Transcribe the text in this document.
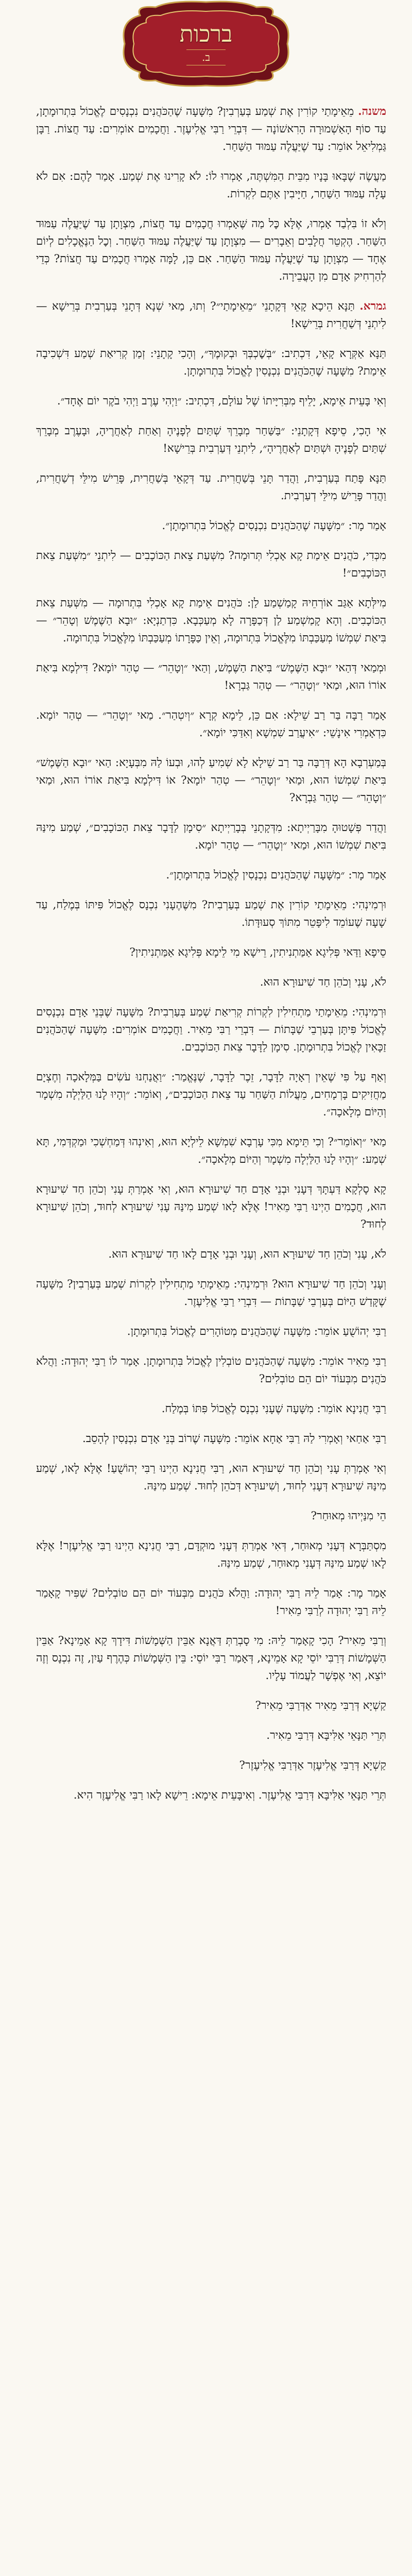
ברכות
ב.

משנה. מֵאֵימָתַי קוֹרִין אֶת שְׁמַע בְּעַרְבִין? מִשָּׁעָה שֶׁהַכֹּהֲנִים נִכְנָסִים לֶאֱכוֹל בִּתְרוּמָתָן, עַד סוֹף הָאַשְׁמוּרָה הָרִאשׁוֹנָה — דִּבְרֵי רַבִּי אֱלִיעֶזֶר. וַחֲכָמִים אוֹמְרִים: עַד חֲצוֹת. רַבָּן גַּמְלִיאֵל אוֹמֵר: עַד שֶׁיַּעֲלֶה עַמּוּד הַשַּׁחַר.

מַעֲשֶׂה שֶׁבָּאוּ בָּנָיו מִבֵּית הַמִּשְׁתֶּה, אָמְרוּ לוֹ: לֹא קָרִינוּ אֶת שְׁמַע. אָמַר לָהֶם: אִם לֹא עָלָה עַמּוּד הַשַּׁחַר, חַיָּיבִין אַתֶּם לִקְרוֹת.

וְלֹא זוֹ בִּלְבַד אָמְרוּ, אֶלָּא כׇּל מַה שֶּׁאָמְרוּ חֲכָמִים עַד חֲצוֹת, מִצְוָתָן עַד שֶׁיַּעֲלֶה עַמּוּד הַשַּׁחַר. הֶקְטֵר חֲלָבִים וְאֵבָרִים — מִצְוָתָן עַד שֶׁיַּעֲלֶה עַמּוּד הַשַּׁחַר. וְכׇל הַנֶּאֱכָלִים לְיוֹם אֶחָד — מִצְוָתָן עַד שֶׁיַּעֲלֶה עַמּוּד הַשַּׁחַר. אִם כֵּן, לָמָּה אָמְרוּ חֲכָמִים עַד חֲצוֹת? כְּדֵי לְהַרְחִיק אָדָם מִן הָעֲבֵירָה.

גמרא. תַּנָּא הֵיכָא קָאֵי דְּקָתָנֵי ״מֵאֵימָתַי״? וְתוּ, מַאי שְׁנָא דְּתָנֵי בְּעַרְבִית בְּרֵישָׁא — לִיתְנֵי דְּשַׁחֲרִית בְּרֵישָׁא!

תַּנָּא אַקְּרָא קָאֵי, דִּכְתִיב: ״בְּשׇׁכְבְּךָ וּבְקוּמֶךָ״, וְהָכִי קָתָנֵי: זְמַן קְרִיאַת שְׁמַע דִּשְׁכִיבָה אֵימַת? מִשָּׁעָה שֶׁהַכֹּהֲנִים נִכְנָסִין לֶאֱכוֹל בִּתְרוּמָתָן.

וְאִי בָּעֵית אֵימָא, יָלֵיף מִבְּרִיָּיתוֹ שֶׁל עוֹלָם, דִּכְתִיב: ״וַיְהִי עֶרֶב וַיְהִי בֹקֶר יוֹם אֶחָד״.

אִי הָכִי, סֵיפָא דְּקָתָנֵי: ״בַּשַּׁחַר מְבָרֵךְ שְׁתַּיִם לְפָנֶיהָ וְאַחַת לְאַחֲרֶיהָ, וּבָעֶרֶב מְבָרֵךְ שְׁתַּיִם לְפָנֶיהָ וּשְׁתַּיִם לְאַחֲרֶיהָ״, לִיתְנֵי דְּעַרְבִית בְּרֵישָׁא!

תַּנָּא פָּתַח בְּעַרְבִית, וַהֲדַר תָּנֵי בְּשַׁחֲרִית. עַד דְּקָאֵי בְּשַׁחֲרִית, פָּרֵישׁ מִילֵּי דְשַׁחֲרִית, וַהֲדַר פָּרֵישׁ מִילֵּי דְעַרְבִית.

אָמַר מָר: ״מִשָּׁעָה שֶׁהַכֹּהֲנִים נִכְנָסִים לֶאֱכוֹל בִּתְרוּמָתָן״.

מִכְּדִי, כֹּהֲנִים אֵימַת קָא אָכְלִי תְּרוּמָה? מִשְּׁעַת צֵאת הַכּוֹכָבִים — לִיתְנֵי ״מִשְּׁעַת צֵאת הַכּוֹכָבִים״!

מִילְּתָא אַגַּב אוֹרְחֵיהּ קָמַשְׁמַע לַן: כֹּהֲנִים אֵימַת קָא אָכְלִי בִּתְרוּמָה — מִשְּׁעַת צֵאת הַכּוֹכָבִים. וְהָא קָמַשְׁמַע לַן דְּכַפָּרָה לָא מְעַכְּבָא. כִּדְתַנְיָא: ״וּבָא הַשֶּׁמֶשׁ וְטָהֵר״ — בִּיאַת שִׁמְשׁוֹ מְעַכַּבְתּוֹ מִלֶּאֱכוֹל בִּתְרוּמָה, וְאֵין כַּפָּרָתוֹ מְעַכַּבְתּוֹ מִלֶּאֱכוֹל בִּתְרוּמָה.

וּמְמַאי דְּהַאי ״וּבָא הַשֶּׁמֶשׁ״ בִּיאַת הַשֶּׁמֶשׁ, וְהַאי ״וְטָהֵר״ — טְהַר יוֹמָא? דִּילְמָא בִּיאַת אוֹרוֹ הוּא, וּמַאי ״וְטָהֵר״ — טְהַר גַּבְרָא!

אָמַר רַבָּה בַּר רַב שֵׁילָא: אִם כֵּן, לֵימָא קְרָא ״וְיִטְהַר״. מַאי ״וְטָהֵר״ — טְהַר יוֹמָא. כִּדְאָמְרִי אִינָשֵׁי: ״אִיעֲרַב שִׁמְשָׁא וְאִדַּכִּי יוֹמָא״.

בְּמַעְרְבָא הָא דְּרַבָּה בַּר רַב שֵׁילָא לָא שְׁמִיעַ לְהוּ, וּבְעוֹ לַהּ מִבְּעָיָא: הַאי ״וּבָא הַשֶּׁמֶשׁ״ בִּיאַת שִׁמְשׁוֹ הוּא, וּמַאי ״וְטָהֵר״ — טְהַר יוֹמָא? אוֹ דִּילְמָא בִּיאַת אוֹרוֹ הוּא, וּמַאי ״וְטָהֵר״ — טְהַר גַּבְרָא?

וַהֲדַר פְּשָׁטוּהָ מִבָּרַיְיתָא: מִדְּקָתָנֵי בְּבָרַיְיתָא ״סִימָן לַדָּבָר צֵאת הַכּוֹכָבִים״, שְׁמַע מִינַּהּ בִּיאַת שִׁמְשׁוֹ הוּא, וּמַאי ״וְטָהֵר״ — טְהַר יוֹמָא.

אָמַר מָר: ״מִשָּׁעָה שֶׁהַכֹּהֲנִים נִכְנָסִין לֶאֱכוֹל בִּתְרוּמָתָן״.

וּרְמִינְהִי: מֵאֵימָתַי קוֹרִין אֶת שְׁמַע בְּעַרְבִית? מִשֶּׁהֶעָנִי נִכְנָס לֶאֱכוֹל פִּיתּוֹ בְּמֶלַח, עַד שָׁעָה שֶׁעוֹמֵד לִיפָּטֵר מִתּוֹךְ סְעוּדָּתוֹ.

סֵיפָא וַדַּאי פְּלִיגָא אַמַּתְנִיתִין, רֵישָׁא מִי לֵימָא פְּלִיגָא אַמַּתְנִיתִין?

לֹא, עָנִי וְכֹהֵן חַד שִׁיעוּרָא הוּא.

וּרְמִינְהִי: מֵאֵימָתַי מַתְחִילִין לִקְרוֹת קְרִיאַת שְׁמַע בְּעַרְבִית? מִשָּׁעָה שֶׁבְּנֵי אָדָם נִכְנָסִים לֶאֱכוֹל פִּיתָּן בְּעַרְבֵי שַׁבָּתוֹת — דִּבְרֵי רַבִּי מֵאִיר. וַחֲכָמִים אוֹמְרִים: מִשָּׁעָה שֶׁהַכֹּהֲנִים זַכָּאִין לֶאֱכוֹל בִּתְרוּמָתָן. סִימָן לַדָּבָר צֵאת הַכּוֹכָבִים.

וְאַף עַל פִּי שֶׁאֵין רְאָיָה לַדָּבָר, זֵכֶר לַדָּבָר, שֶׁנֶּאֱמַר: ״וַאֲנַחְנוּ עֹשִׂים בַּמְּלָאכָה וְחֶצְיָם מַחֲזִיקִים בָּרְמָחִים, מֵעֲלוֹת הַשַּׁחַר עַד צֵאת הַכּוֹכָבִים״, וְאוֹמֵר: ״וְהָיוּ לָנוּ הַלַּיְלָה מִשְׁמָר וְהַיּוֹם מְלָאכָה״.

מַאי ״וְאוֹמֵר״? וְכִי תֵּימָא מִכִּי עָרְבָא שִׁמְשָׁא לֵילְיָא הוּא, וְאִינְהוּ דְּמַחְשְׁכִי וּמַקְדְּמִי, תָּא שְׁמַע: ״וְהָיוּ לָנוּ הַלַּיְלָה מִשְׁמָר וְהַיּוֹם מְלָאכָה״.

קָא סָלְקָא דַּעְתָּךְ דְּעָנִי וּבְנֵי אָדָם חַד שִׁיעוּרָא הוּא, וְאִי אָמְרַתְּ עָנִי וְכֹהֵן חַד שִׁיעוּרָא הוּא, חֲכָמִים הַיְינוּ רַבִּי מֵאִיר! אֶלָּא לָאו שְׁמַע מִינַּהּ עָנִי שִׁיעוּרָא לְחוּד, וְכֹהֵן שִׁיעוּרָא לְחוּד?

לֹא, עָנִי וְכֹהֵן חַד שִׁיעוּרָא הוּא, וְעָנִי וּבְנֵי אָדָם לָאו חַד שִׁיעוּרָא הוּא.

וְעָנִי וְכֹהֵן חַד שִׁיעוּרָא הוּא? וּרְמִינְהִי: מֵאֵימָתַי מַתְחִילִין לִקְרוֹת שְׁמַע בְּעַרְבִין? מִשָּׁעָה שֶׁקָּדַשׁ הַיּוֹם בְּעַרְבֵי שַׁבָּתוֹת — דִּבְרֵי רַבִּי אֱלִיעֶזֶר.

רַבִּי יְהוֹשֻׁעַ אוֹמֵר: מִשָּׁעָה שֶׁהַכֹּהֲנִים מְטוֹהָרִים לֶאֱכוֹל בִּתְרוּמָתָן.

רַבִּי מֵאִיר אוֹמֵר: מִשָּׁעָה שֶׁהַכֹּהֲנִים טוֹבְלִין לֶאֱכוֹל בִּתְרוּמָתָן. אָמַר לוֹ רַבִּי יְהוּדָה: וַהֲלֹא כֹּהֲנִים מִבְּעוֹד יוֹם הֵם טוֹבְלִים?

רַבִּי חֲנִינָא אוֹמֵר: מִשָּׁעָה שֶׁעָנִי נִכְנָס לֶאֱכוֹל פִּתּוֹ בְּמֶלַח.

רַבִּי אַחַאי וְאָמְרִי לַהּ רַבִּי אַחָא אוֹמֵר: מִשָּׁעָה שֶׁרוֹב בְּנֵי אָדָם נִכְנָסִין לְהָסֵב.

וְאִי אָמְרַתְּ עָנִי וְכֹהֵן חַד שִׁיעוּרָא הוּא, רַבִּי חֲנִינָא הַיְינוּ רַבִּי יְהוֹשֻׁעַ! אֶלָּא לָאו, שְׁמַע מִינַּהּ שִׁיעוּרָא דְּעָנִי לְחוּד, וְשִׁיעוּרָא דְּכֹהֵן לְחוּד. שְׁמַע מִינַּהּ.

הֵי מִנַּיְיהוּ מְאוּחַר?

מִסְתַּבְּרָא דְּעָנִי מְאוּחַר, דְּאִי אָמְרַתְּ דְּעָנִי מוּקְדָּם, רַבִּי חֲנִינָא הַיְינוּ רַבִּי אֱלִיעֶזֶר! אֶלָּא לָאו שְׁמַע מִינַּהּ דְּעָנִי מְאוּחַר, שְׁמַע מִינַּהּ.

אָמַר מָר: אָמַר לֵיהּ רַבִּי יְהוּדָה: וַהֲלֹא כֹּהֲנִים מִבְּעוֹד יוֹם הֵם טוֹבְלִים? שַׁפִּיר קָאָמַר לֵיהּ רַבִּי יְהוּדָה לְרַבִּי מֵאִיר!

וְרַבִּי מֵאִיר? הָכִי קָאָמַר לֵיהּ: מִי סָבְרַתְּ דַּאֲנָא אַבֵּין הַשְּׁמָשׁוֹת דִּידָךְ קָא אָמֵינָא? אַבֵּין הַשְּׁמָשׁוֹת דְּרַבִּי יוֹסֵי קָא אָמֵינָא, דְּאָמַר רַבִּי יוֹסֵי: בֵּין הַשְּׁמָשׁוֹת כְּהֶרֶף עַיִן, זֶה נִכְנָס וְזֶה יוֹצֵא, וְאִי אֶפְשָׁר לַעֲמוֹד עָלָיו.

קַשְׁיָא דְּרַבִּי מֵאִיר אַדְּרַבִּי מֵאִיר?

תְּרֵי תַּנָּאֵי אַלִּיבָּא דְּרַבִּי מֵאִיר.

קַשְׁיָא דְּרַבִּי אֱלִיעֶזֶר אַדְּרַבִּי אֱלִיעֶזֶר?

תְּרֵי תַּנָּאֵי אַלִּיבָּא דְּרַבִּי אֱלִיעֶזֶר. וְאִיבָּעֵית אֵימָא: רֵישָׁא לָאו רַבִּי אֱלִיעֶזֶר הִיא.
